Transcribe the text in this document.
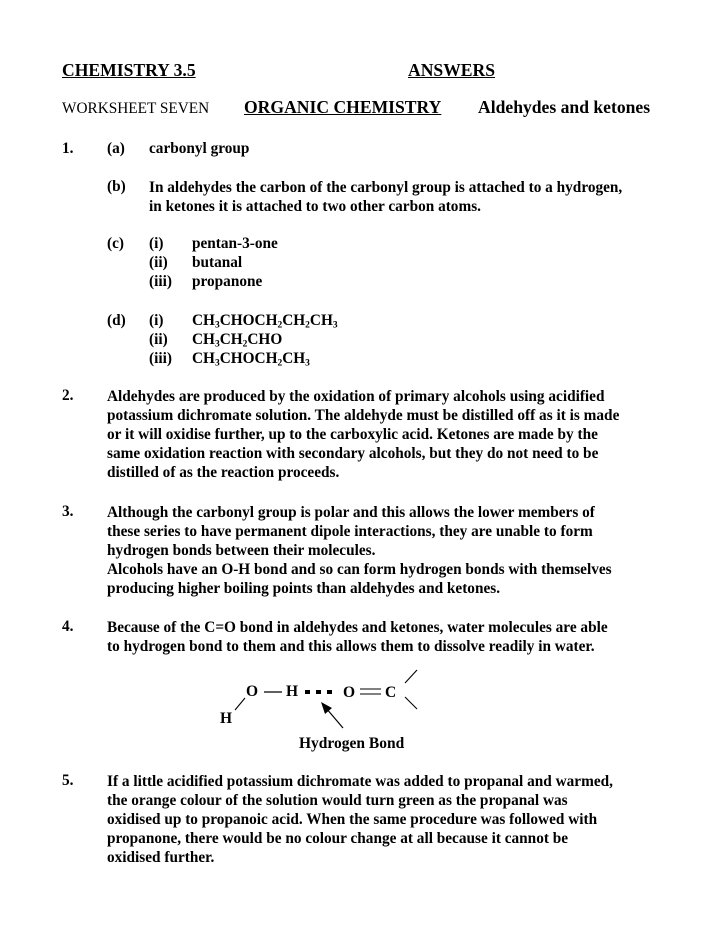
CHEMISTRY 3.5	ANSWERS
WORKSHEET SEVEN ORGANIC CHEMISTRY Aldehydes and ketones
1. (a) carbonyl group
(b) In aldehydes the carbon of the carbonyl group is attached to a hydrogen,
in ketones it is attached to two other carbon atoms.
(c) (i) pentan-3-one
(ii) butanal
(iii) propanone
(d) (i) $CH_3CHOCH_2CH_2CH_3$
(ii) $CH_3CH_2CHO$
(iii) $CH_3CHOCH_2CH_3$
2. Aldehydes are produced by the oxidation of primary alcohols using acidified
potassium dichromate solution. The aldehyde must be distilled off as it is made
or it will oxidise further, up to the carboxylic acid. Ketones are made by the
same oxidation reaction with secondary alcohols, but they do not need to be
distilled of as the reaction proceeds.
3. Although the carbonyl group is polar and this allows the lower members of
these series to have permanent dipole interactions, they are unable to form
hydrogen bonds between their molecules.
Alcohols have an O-H bond and so can form hydrogen bonds with themselves
producing higher boiling points than aldehydes and ketones.
4. Because of the C=O bond in aldehydes and ketones, water molecules are able
to hydrogen bond to them and this allows them to dissolve readily in water.
O H	O C
H
Hydrogen Bond
5. If a little acidified potassium dichromate was added to propanal and warmed,
the orange colour of the solution would turn green as the propanal was
oxidised up to propanoic acid. When the same procedure was followed with
propanone, there would be no colour change at all because it cannot be
oxidised further.
